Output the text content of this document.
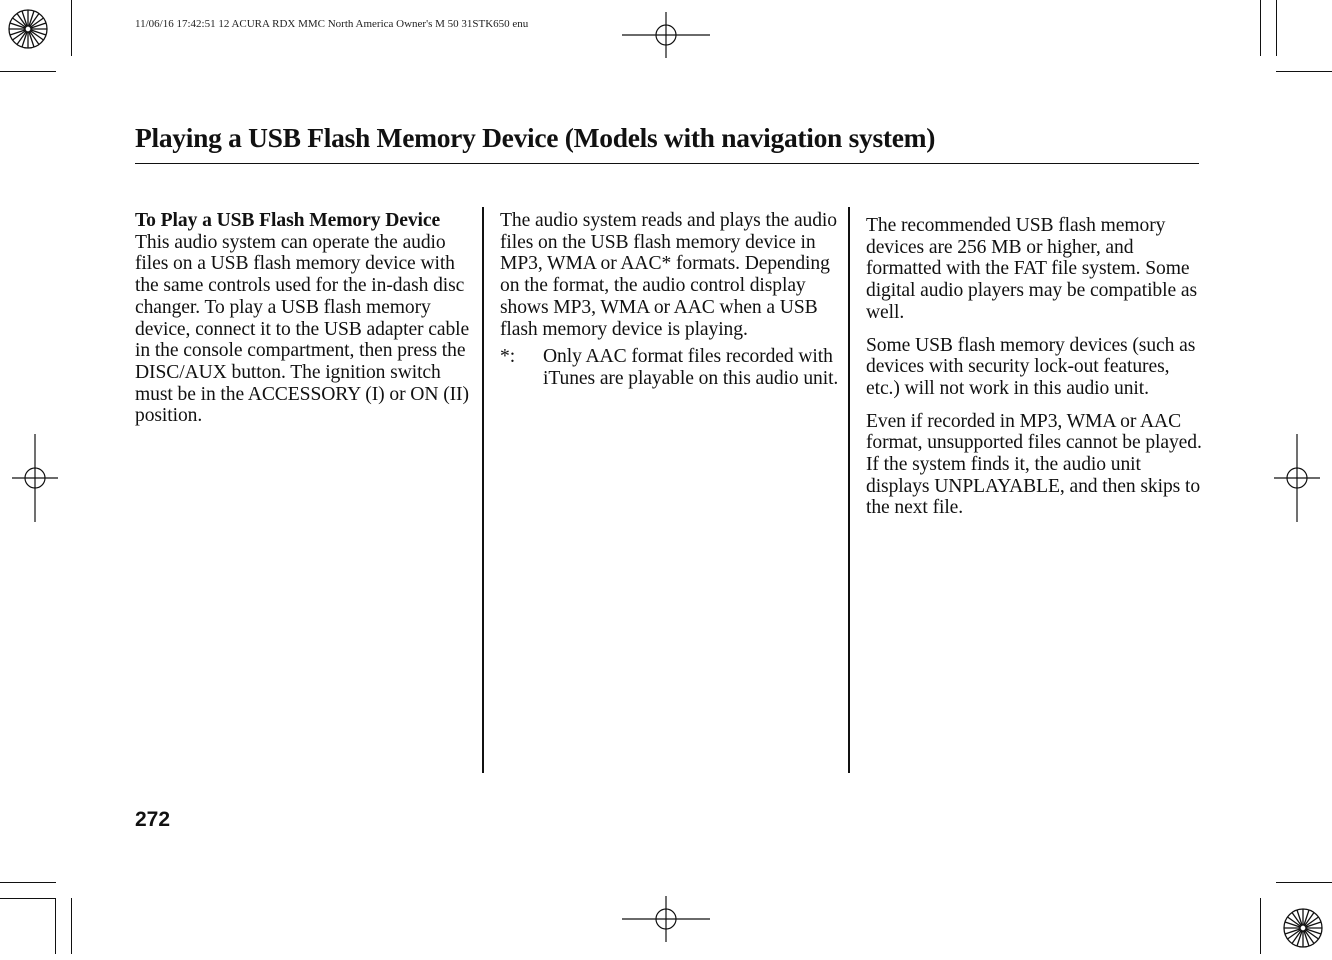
11/06/16 17:42:51 12 ACURA RDX MMC North America Owner's M 50 31STK650 enu
Playing a USB Flash Memory Device (Models with navigation system)

To Play a USB Flash Memory Device

This audio system can operate the audio files on a USB flash memory device with the same controls used for the in-dash disc changer. To play a USB flash memory device, connect it to the USB adapter cable in the console compartment, then press the DISC/AUX button. The ignition switch must be in the ACCESSORY (I) or ON (II) position.

The audio system reads and plays the audio files on the USB flash memory device in MP3, WMA or AAC* formats. Depending on the format, the audio control display shows MP3, WMA or AAC when a USB flash memory device is playing.

*: Only AAC format files recorded with iTunes are playable on this audio unit.

The recommended USB flash memory devices are 256 MB or higher, and formatted with the FAT file system. Some digital audio players may be compatible as well.

Some USB flash memory devices (such as devices with security lock-out features, etc.) will not work in this audio unit.

Even if recorded in MP3, WMA or AAC format, unsupported files cannot be played. If the system finds it, the audio unit displays UNPLAYABLE, and then skips to the next file.

272
